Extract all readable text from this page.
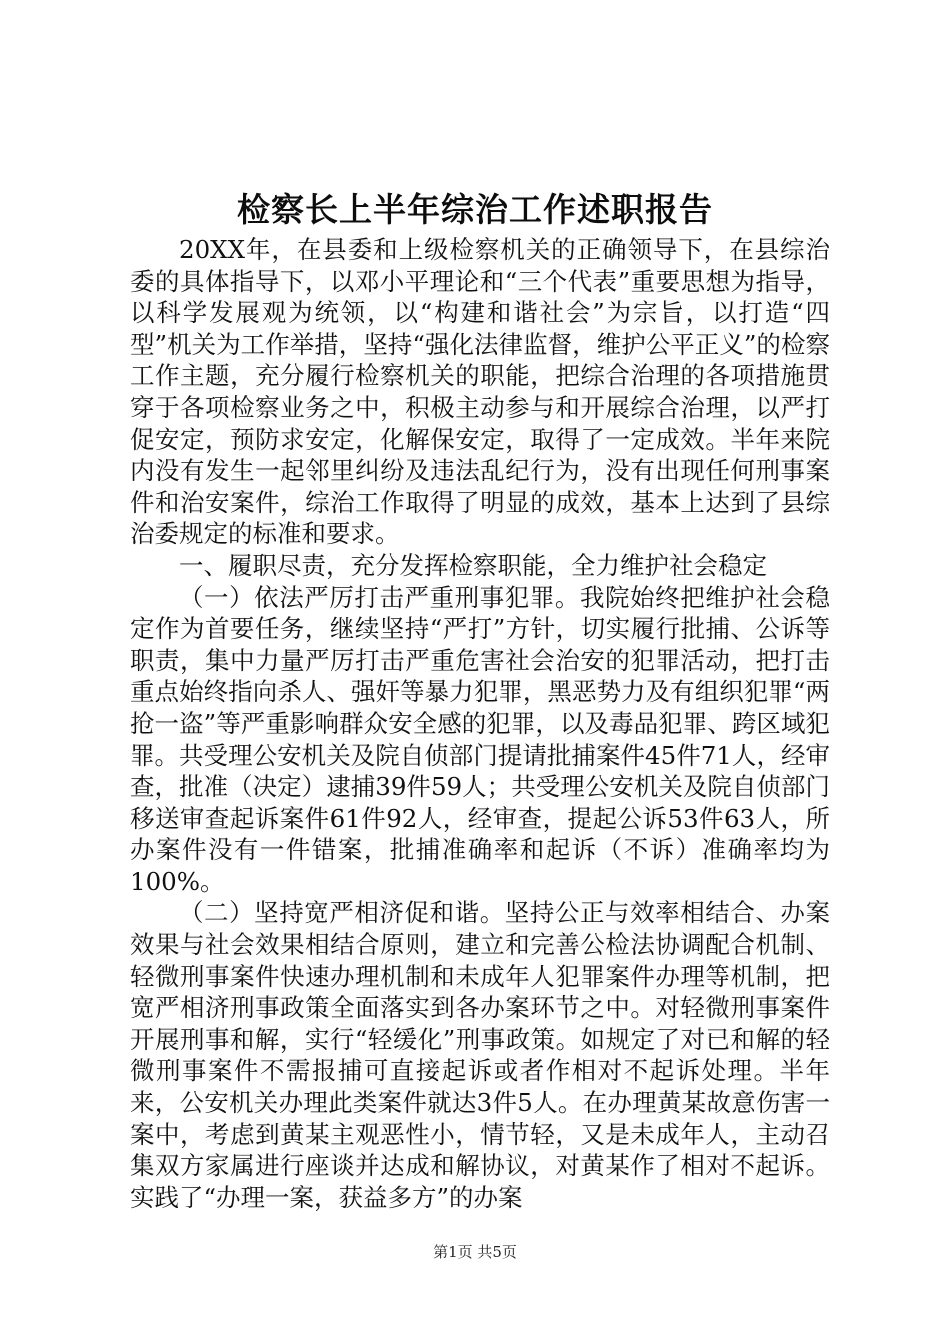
检察长上半年综治工作述职报告

20XX年，在县委和上级检察机关的正确领导下，在县综治委的具体指导下，以邓小平理论和“三个代表”重要思想为指导，以科学发展观为统领，以“构建和谐社会”为宗旨，以打造“四型”机关为工作举措，坚持“强化法律监督，维护公平正义”的检察工作主题，充分履行检察机关的职能，把综合治理的各项措施贯穿于各项检察业务之中，积极主动参与和开展综合治理，以严打促安定，预防求安定，化解保安定，取得了一定成效。半年来院内没有发生一起邻里纠纷及违法乱纪行为，没有出现任何刑事案件和治安案件，综治工作取得了明显的成效，基本上达到了县综治委规定的标准和要求。

一、履职尽责，充分发挥检察职能，全力维护社会稳定

（一）依法严厉打击严重刑事犯罪。我院始终把维护社会稳定作为首要任务，继续坚持“严打”方针，切实履行批捕、公诉等职责，集中力量严厉打击严重危害社会治安的犯罪活动，把打击重点始终指向杀人、强奸等暴力犯罪，黑恶势力及有组织犯罪“两抢一盗”等严重影响群众安全感的犯罪，以及毒品犯罪、跨区域犯罪。共受理公安机关及院自侦部门提请批捕案件45件71人，经审查，批准（决定）逮捕39件59人；共受理公安机关及院自侦部门移送审查起诉案件61件92人，经审查，提起公诉53件63人，所办案件没有一件错案，批捕准确率和起诉（不诉）准确率均为100%。

（二）坚持宽严相济促和谐。坚持公正与效率相结合、办案效果与社会效果相结合原则，建立和完善公检法协调配合机制、轻微刑事案件快速办理机制和未成年人犯罪案件办理等机制，把宽严相济刑事政策全面落实到各办案环节之中。对轻微刑事案件开展刑事和解，实行“轻缓化”刑事政策。如规定了对已和解的轻微刑事案件不需报捕可直接起诉或者作相对不起诉处理。半年来，公安机关办理此类案件就达3件5人。在办理黄某故意伤害一案中，考虑到黄某主观恶性小，情节轻，又是未成年人，主动召集双方家属进行座谈并达成和解协议，对黄某作了相对不起诉。实践了“办理一案，获益多方”的办案

第1页 共5页
